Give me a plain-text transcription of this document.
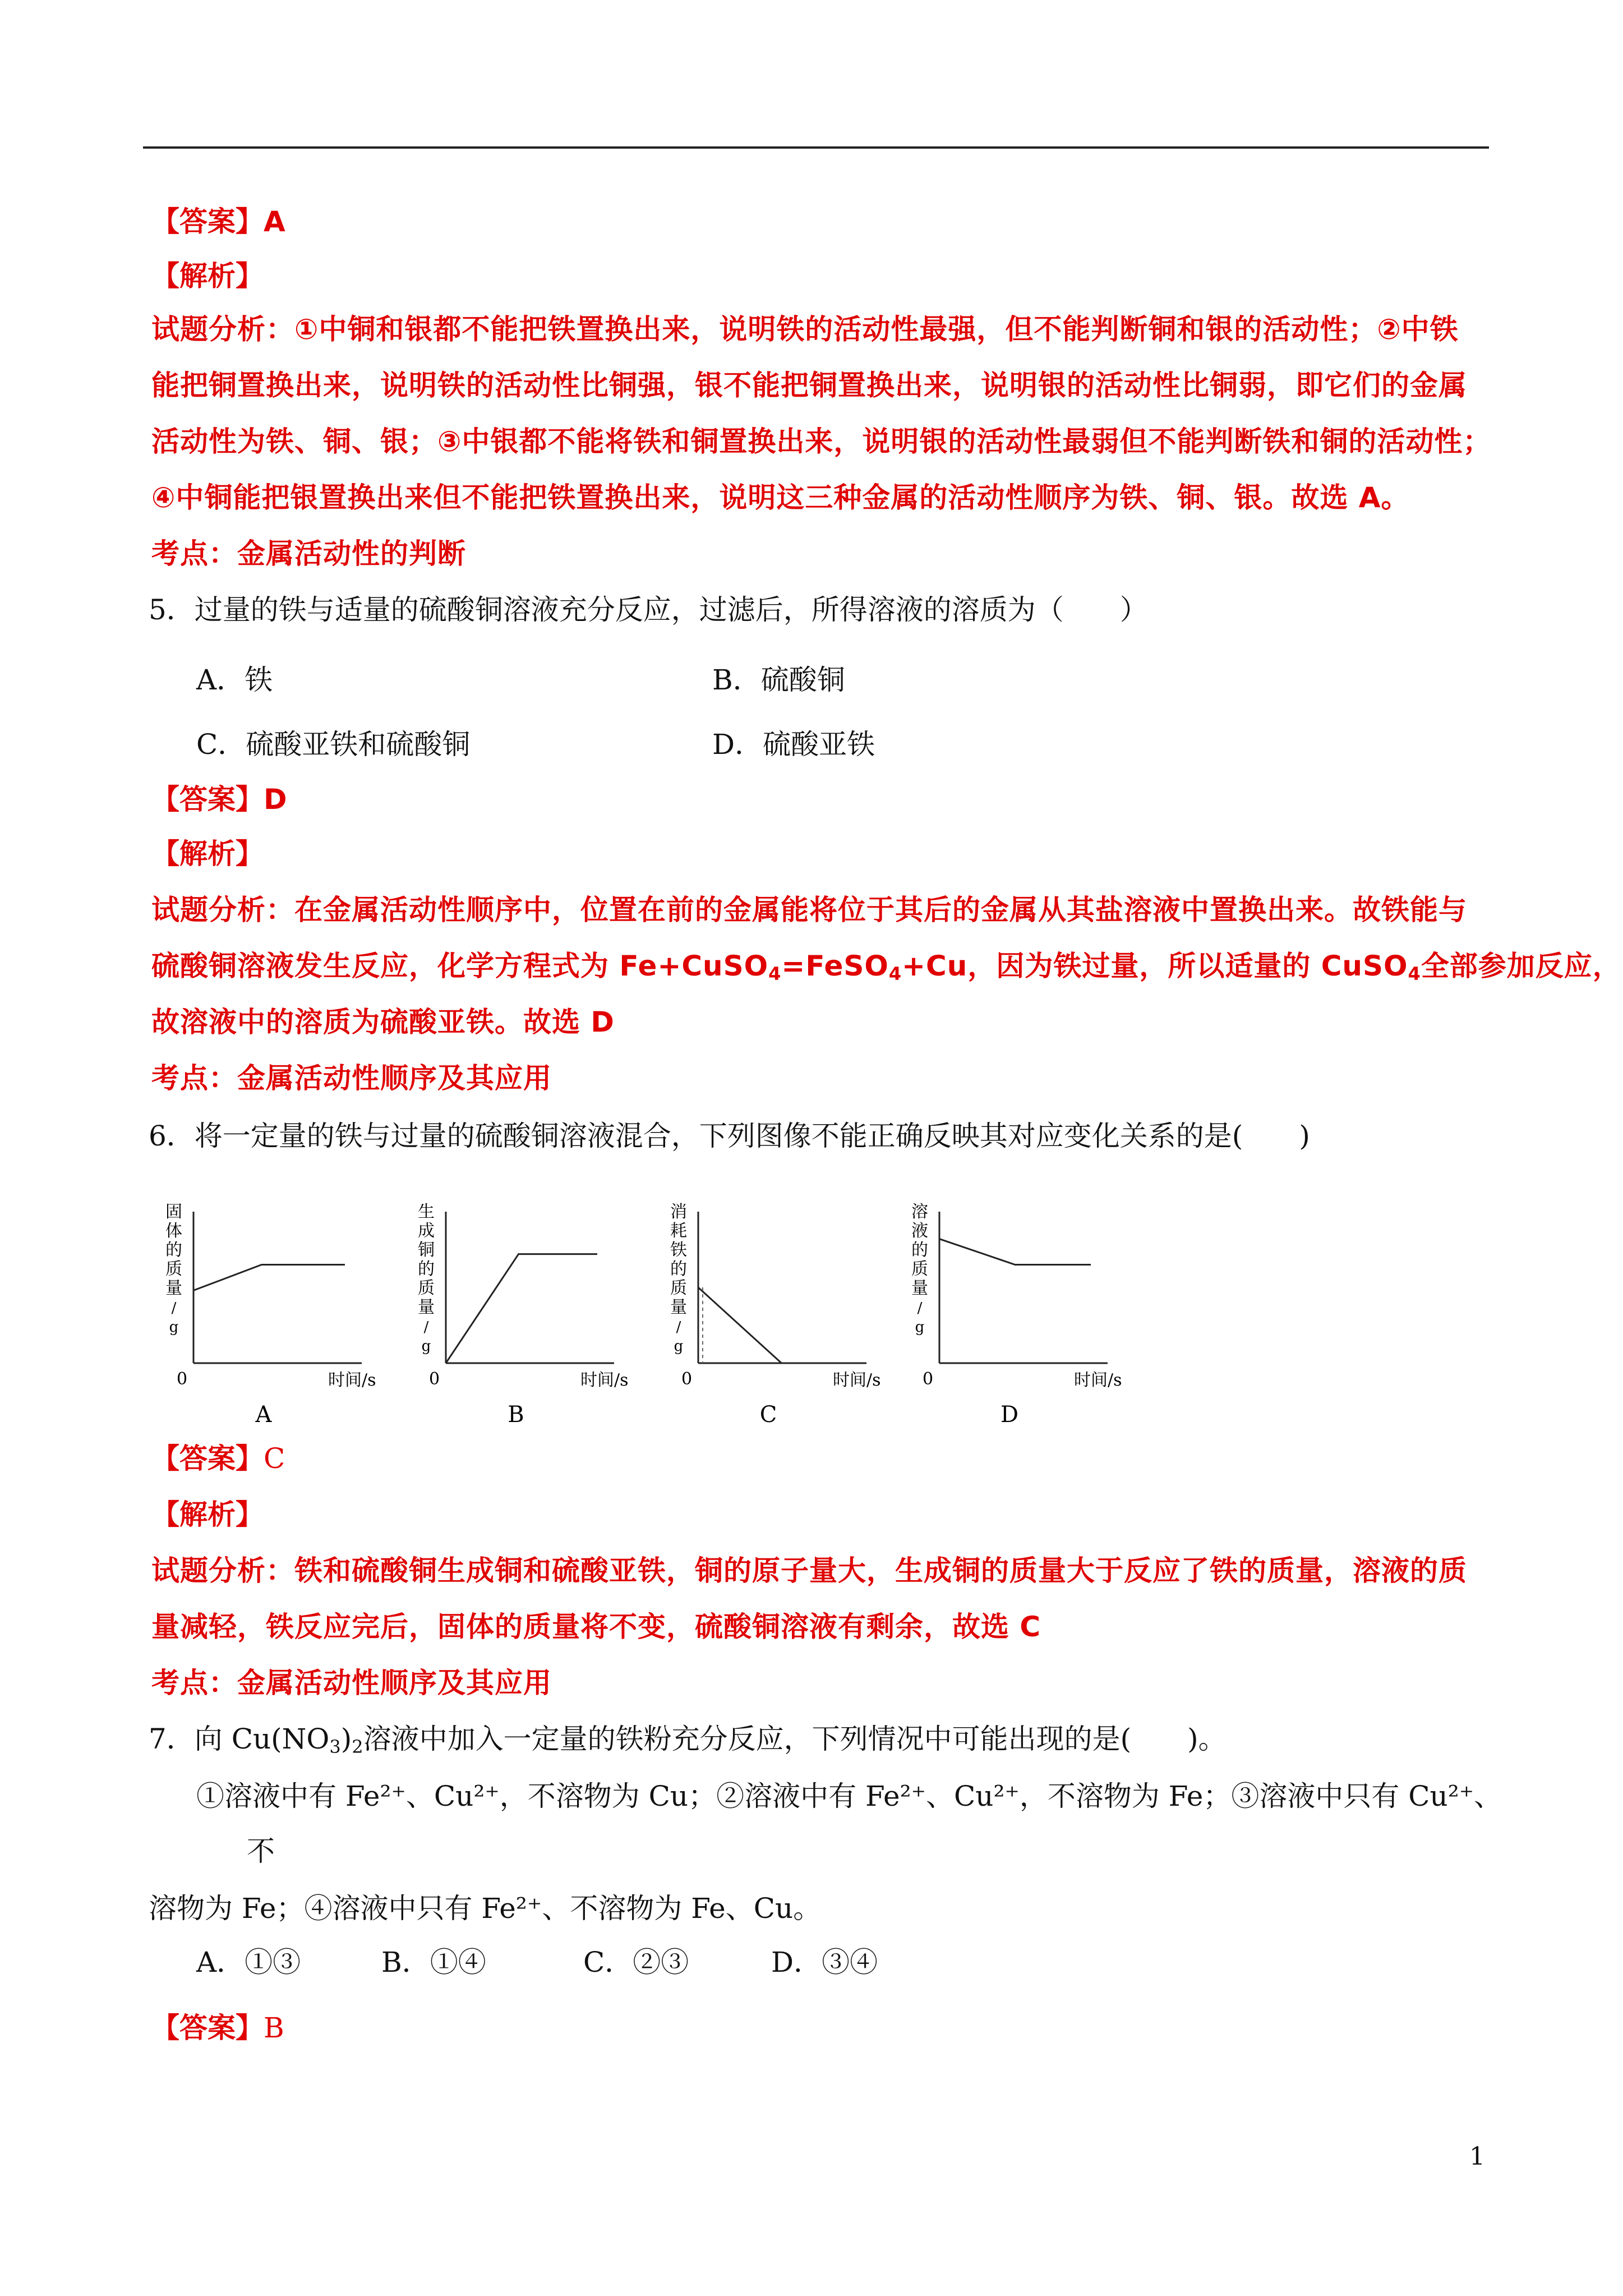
【答案】A
【解析】
试题分析：①中铜和银都不能把铁置换出来，说明铁的活动性最强，但不能判断铜和银的活动性；②中铁
能把铜置换出来，说明铁的活动性比铜强，银不能把铜置换出来，说明银的活动性比铜弱，即它们的金属
活动性为铁、铜、银；③中银都不能将铁和铜置换出来，说明银的活动性最弱但不能判断铁和铜的活动性；
④中铜能把银置换出来但不能把铁置换出来，说明这三种金属的活动性顺序为铁、铜、银。故选 A。
考点：金属活动性的判断
5．过量的铁与适量的硫酸铜溶液充分反应，过滤后，所得溶液的溶质为（　　）
A．铁	B．硫酸铜
C．硫酸亚铁和硫酸铜	D．硫酸亚铁
【答案】D
【解析】
试题分析：在金属活动性顺序中，位置在前的金属能将位于其后的金属从其盐溶液中置换出来。故铁能与
硫酸铜溶液发生反应，化学方程式为 Fe+CuSO$_4$=FeSO$_4$+Cu，因为铁过量，所以适量的 CuSO$_4$全部参加反应，
故溶液中的溶质为硫酸亚铁。故选 D
考点：金属活动性顺序及其应用
6．将一定量的铁与过量的硫酸铜溶液混合，下列图像不能正确反映其对应变化关系的是(　　)
固体的质量/ g
0	时间/s
A
生成铜的质量/ g
0	时间/s
B
消耗铁的质量/ g
0	时间/s
C
溶液的质量/ g
0	时间/s
D
【答案】C
【解析】
试题分析：铁和硫酸铜生成铜和硫酸亚铁，铜的原子量大，生成铜的质量大于反应了铁的质量，溶液的质
量减轻，铁反应完后，固体的质量将不变，硫酸铜溶液有剩余，故选 C
考点：金属活动性顺序及其应用
7．向 $Cu(NO_3)_2$溶液中加入一定量的铁粉充分反应，下列情况中可能出现的是(　　)。
①溶液中有 Fe²⁺、Cu²⁺，不溶物为 Cu；②溶液中有 Fe²⁺、Cu²⁺，不溶物为 Fe；③溶液中只有 Cu²⁺、
不
溶物为 Fe；④溶液中只有 Fe²⁺、不溶物为 Fe、Cu。
A．①③	B．①④	C．②③	D．③④
【答案】B
1
